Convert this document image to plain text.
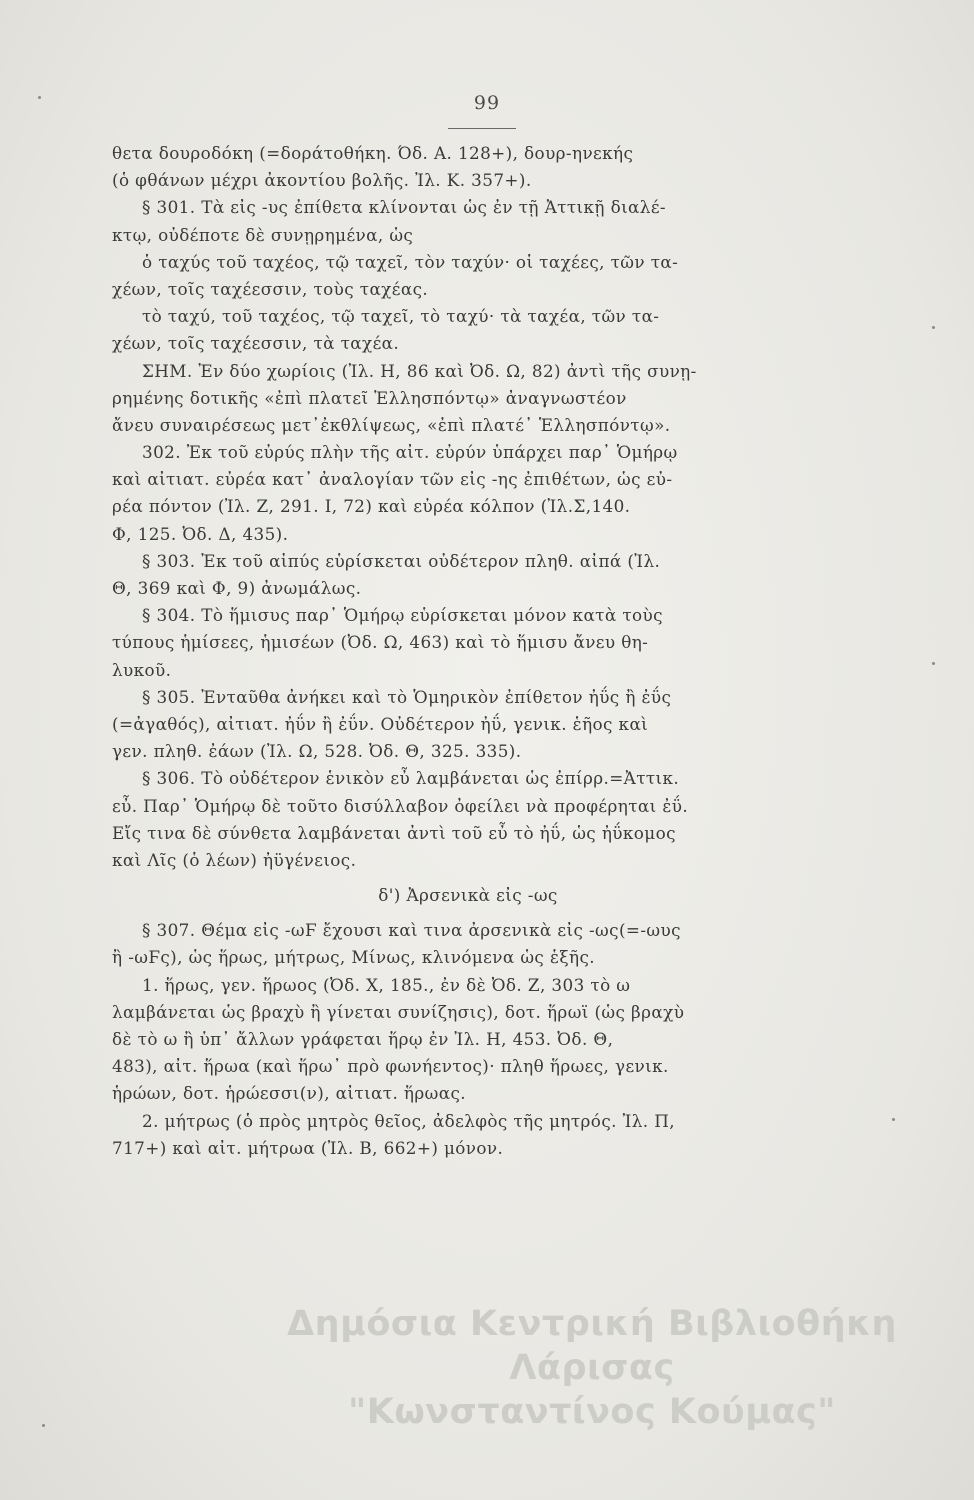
99
θετα δουροδόκη (=δοράτοθήκη. Όδ. Α. 128+), δουρ-ηνεκής
(ὁ φθάνων μέχρι ἀκοντίου βολῆς. Ἰλ. Κ. 357+).
§ 301. Τὰ εἰς -υς ἐπίθετα κλίνονται ὡς ἐν τῇ Ἀττικῇ διαλέ-
κτῳ, οὐδέποτε δὲ συνῃρημένα, ὡς
ὁ ταχύς τοῦ ταχέος, τῷ ταχεῖ, τὸν ταχύν· οἱ ταχέες, τῶν τα-
χέων, τοῖς ταχέεσσιν, τοὺς ταχέας.
τὸ ταχύ, τοῦ ταχέος, τῷ ταχεῖ, τὸ ταχύ· τὰ ταχέα, τῶν τα-
χέων, τοῖς ταχέεσσιν, τὰ ταχέα.
ΣΗΜ. Ἐν δύο χωρίοις (Ἰλ. Η, 86 καὶ Ὀδ. Ω, 82) ἀντὶ τῆς συνῃ-
ρημένης δοτικῆς «ἐπὶ πλατεῖ Ἑλλησπόντῳ» ἀναγνωστέον
ἄνευ συναιρέσεως μετ᾽ἐκθλίψεως, «ἐπὶ πλατέ᾽ Ἑλλησπόντῳ».
302. Ἐκ τοῦ εὐρύς πλὴν τῆς αἰτ. εὐρύν ὑπάρχει παρ᾽ Ὁμήρῳ
καὶ αἰτιατ. εὐρέα κατ᾽ ἀναλογίαν τῶν εἰς -ης ἐπιθέτων, ὡς εὐ-
ρέα πόντον (Ἰλ. Ζ, 291. Ι, 72) καὶ εὐρέα κόλπον (Ἰλ.Σ,140.
Φ, 125. Ὀδ. Δ, 435).
§ 303. Ἐκ τοῦ αἰπύς εὑρίσκεται οὐδέτερον πληθ. αἰπά (Ἰλ.
Θ, 369 καὶ Φ, 9) ἀνωμάλως.
§ 304. Τὸ ἥμισυς παρ᾽ Ὁμήρῳ εὑρίσκεται μόνον κατὰ τοὺς
τύπους ἡμίσεες, ἡμισέων (Ὀδ. Ω, 463) καὶ τὸ ἥμισυ ἄνευ θη-
λυκοῦ.
§ 305. Ἐνταῦθα ἀνήκει καὶ τὸ Ὁμηρικὸν ἐπίθετον ἠΰς ἢ ἐΰς
(=ἀγαθός), αἰτιατ. ἠΰν ἢ ἐΰν. Οὐδέτερον ἠΰ, γενικ. ἑῆος καὶ
γεν. πληθ. ἐάων (Ἰλ. Ω, 528. Ὀδ. Θ, 325. 335).
§ 306. Τὸ οὐδέτερον ἑνικὸν εὖ λαμβάνεται ὡς ἐπίρρ.=Ἀττικ.
εὖ. Παρ᾽ Ὁμήρῳ δὲ τοῦτο δισύλλαβον ὀφείλει νὰ προφέρηται ἐΰ.
Εἴς τινα δὲ σύνθετα λαμβάνεται ἀντὶ τοῦ εὖ τὸ ἠΰ, ὡς ἠΰκομος
καὶ Λῖς (ὁ λέων) ἠϋγένειος.
δ') Ἀρσενικὰ εἰς -ως
§ 307. Θέμα εἰς -ωϜ ἔχουσι καὶ τινα ἀρσενικὰ εἰς -ως(=-ωυς
ἢ -ωϜς), ὡς ἥρως, μήτρως, Μίνως, κλινόμενα ὡς ἑξῆς.
1. ἥρως, γεν. ἥρωος (Ὀδ. Χ, 185., ἐν δὲ Ὀδ. Ζ, 303 τὸ ω
λαμβάνεται ὡς βραχὺ ἢ γίνεται συνίζησις), δοτ. ἥρωϊ (ὡς βραχὺ
δὲ τὸ ω ἢ ὑπ᾽ ἄλλων γράφεται ἥρῳ ἐν Ἰλ. Η, 453. Ὀδ. Θ,
483), αἰτ. ἥρωα (καὶ ἥρω᾽ πρὸ φωνήεντος)· πληθ ἥρωες, γενικ.
ἡρώων, δοτ. ἡρώεσσι(ν), αἰτιατ. ἥρωας.
2. μήτρως (ὁ πρὸς μητρὸς θεῖος, ἀδελφὸς τῆς μητρός. Ἰλ. Π,
717+) καὶ αἰτ. μήτρωα (Ἰλ. Β, 662+) μόνον.
Δημόσια Κεντρική Βιβλιοθήκη Λάρισας
"Κωνσταντίνος Κούμας"
